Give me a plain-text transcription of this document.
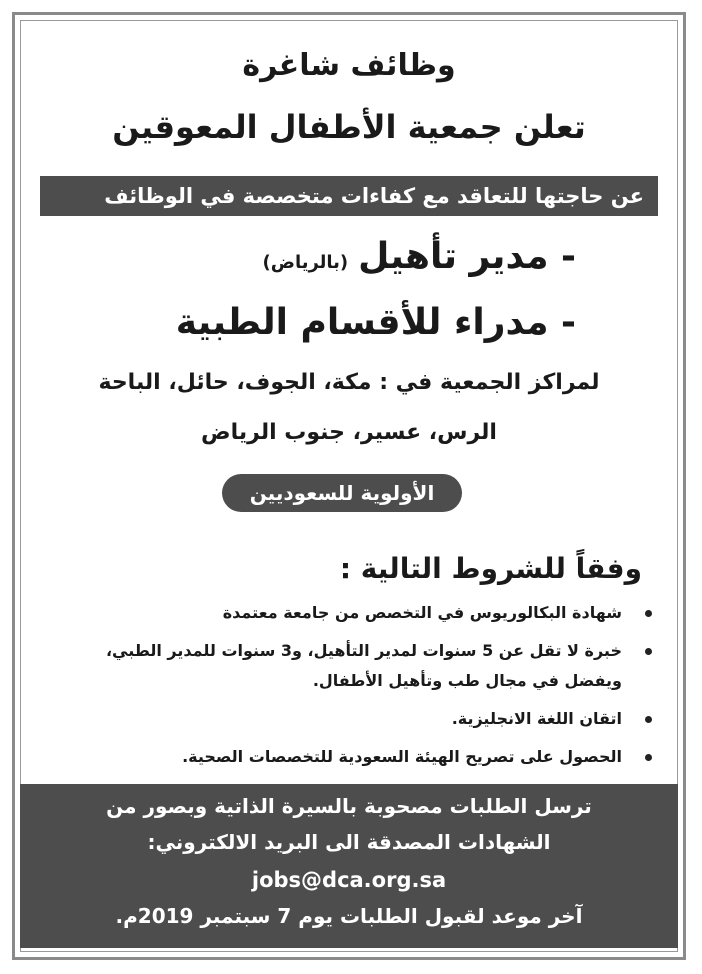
وظائف شاغرة
تعلن جمعية الأطفال المعوقين
عن حاجتها للتعاقد مع كفاءات متخصصة في الوظائف التالية:
- مدير تأهيل(بالرياض)
- مدراء للأقسام الطبية
لمراكز الجمعية في : مكة، الجوف، حائل، الباحة
الرس، عسير، جنوب الرياض
الأولوية للسعوديين
وفقاً للشروط التالية :
شهادة البكالوريوس في التخصص من جامعة معتمدة
خبرة لا تقل عن 5 سنوات لمدير التأهيل، و3 سنوات للمدير الطبي،
ويفضل في مجال طب وتأهيل الأطفال.
اتقان اللغة الانجليزية.
الحصول على تصريح الهيئة السعودية للتخصصات الصحية.
ترسل الطلبات مصحوبة بالسيرة الذاتية وبصور من
الشهادات المصدقة الى البريد الالكتروني:
jobs@dca.org.sa
آخر موعد لقبول الطلبات يوم 7 سبتمبر 2019م.
